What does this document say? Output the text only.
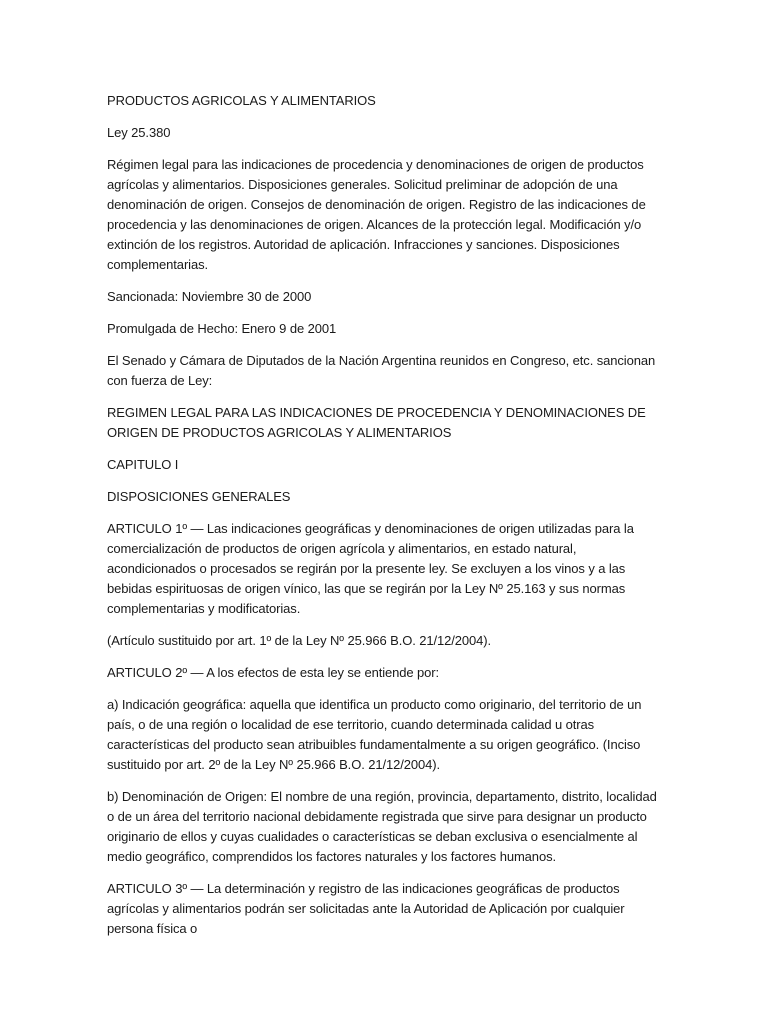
PRODUCTOS AGRICOLAS Y ALIMENTARIOS

Ley 25.380

Régimen legal para las indicaciones de procedencia y denominaciones de origen de productos agrícolas y alimentarios. Disposiciones generales. Solicitud preliminar de adopción de una denominación de origen. Consejos de denominación de origen. Registro de las indicaciones de procedencia y las denominaciones de origen. Alcances de la protección legal. Modificación y/o extinción de los registros. Autoridad de aplicación. Infracciones y sanciones. Disposiciones complementarias.

Sancionada: Noviembre 30 de 2000

Promulgada de Hecho: Enero 9 de 2001

El Senado y Cámara de Diputados de la Nación Argentina reunidos en Congreso, etc. sancionan con fuerza de Ley:

REGIMEN LEGAL PARA LAS INDICACIONES DE PROCEDENCIA Y DENOMINACIONES DE ORIGEN DE PRODUCTOS AGRICOLAS Y ALIMENTARIOS

CAPITULO I

DISPOSICIONES GENERALES

ARTICULO 1º — Las indicaciones geográficas y denominaciones de origen utilizadas para la comercialización de productos de origen agrícola y alimentarios, en estado natural, acondicionados o procesados se regirán por la presente ley. Se excluyen a los vinos y a las bebidas espirituosas de origen vínico, las que se regirán por la Ley Nº 25.163 y sus normas complementarias y modificatorias.

(Artículo sustituido por art. 1º de la Ley Nº 25.966 B.O. 21/12/2004).

ARTICULO 2º — A los efectos de esta ley se entiende por:

a) Indicación geográfica: aquella que identifica un producto como originario, del territorio de un país, o de una región o localidad de ese territorio, cuando determinada calidad u otras características del producto sean atribuibles fundamentalmente a su origen geográfico. (Inciso sustituido por art. 2º de la Ley Nº 25.966 B.O. 21/12/2004).

b) Denominación de Origen: El nombre de una región, provincia, departamento, distrito, localidad o de un área del territorio nacional debidamente registrada que sirve para designar un producto originario de ellos y cuyas cualidades o características se deban exclusiva o esencialmente al medio geográfico, comprendidos los factores naturales y los factores humanos.

ARTICULO 3º — La determinación y registro de las indicaciones geográficas de productos agrícolas y alimentarios podrán ser solicitadas ante la Autoridad de Aplicación por cualquier persona física o
